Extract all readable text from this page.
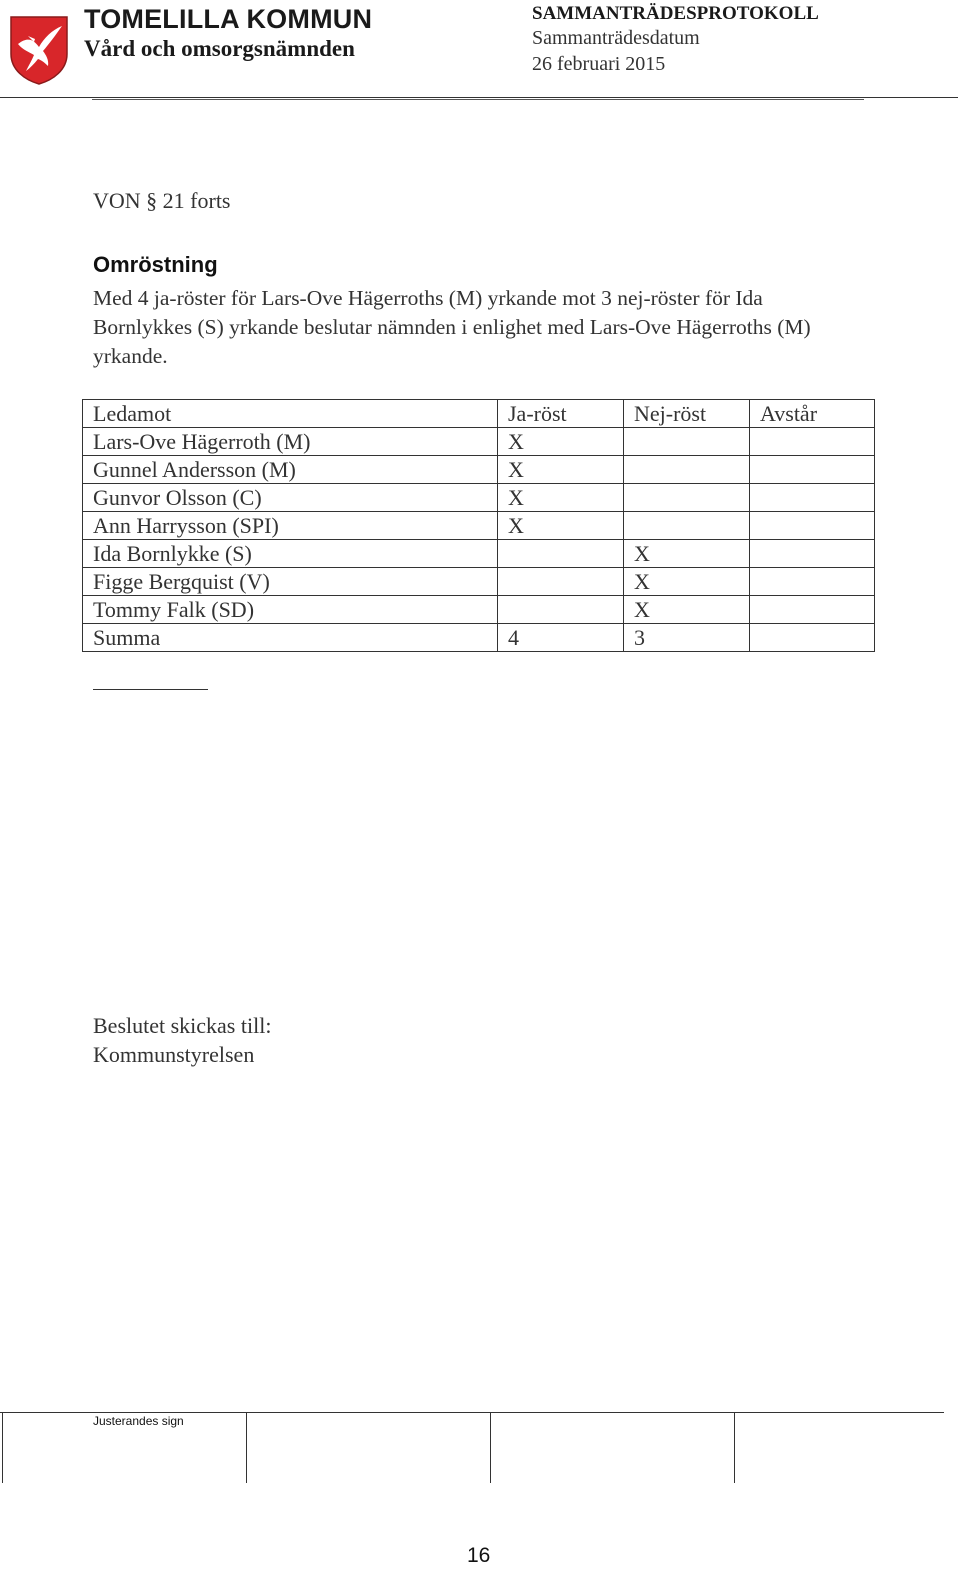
TOMELILLA KOMMUN
Vård och omsorgsnämnden
SAMMANTRÄDESPROTOKOLL
Sammanträdesdatum
26 februari 2015
VON § 21 forts
Omröstning
Med 4 ja-röster för Lars-Ove Hägerroths (M) yrkande mot 3 nej-röster för Ida Bornlykkes (S) yrkande beslutar nämnden i enlighet med Lars-Ove Hägerroths (M) yrkande.
Ledamot	Ja-röst	Nej-röst	Avstår
Lars-Ove Hägerroth (M)	X		
Gunnel Andersson (M)	X		
Gunvor Olsson (C)	X		
Ann Harrysson (SPI)	X		
Ida Bornlykke (S)		X	
Figge Bergquist (V)		X	
Tommy Falk (SD)		X	
Summa	4	3	
Beslutet skickas till:
Kommunstyrelsen
Justerandes sign
16
